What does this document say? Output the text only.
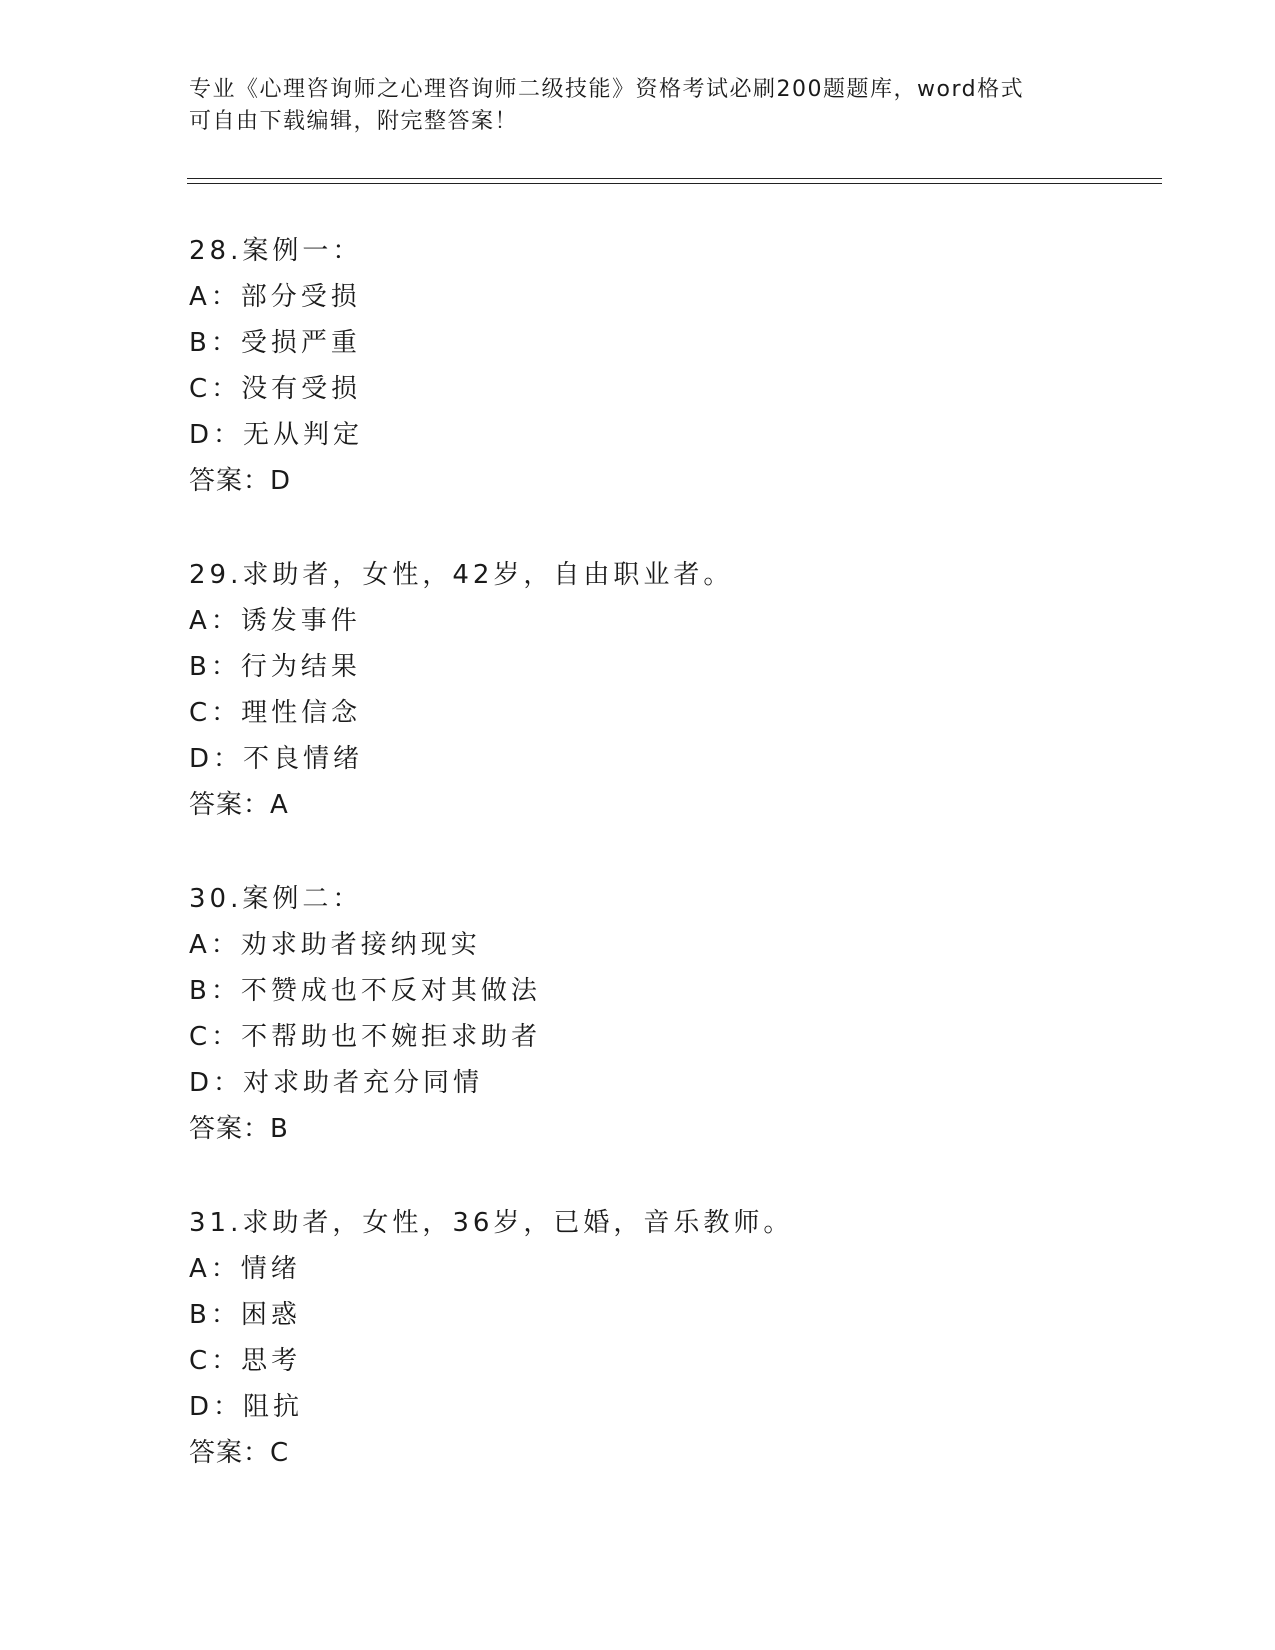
专业《心理咨询师之心理咨询师二级技能》资格考试必刷200题题库，word格式
可自由下载编辑，附完整答案！
28.案例一：
A：部分受损
B：受损严重
C：没有受损
D：无从判定
答案：D
29.求助者，女性，42岁，自由职业者。
A：诱发事件
B：行为结果
C：理性信念
D：不良情绪
答案：A
30.案例二：
A：劝求助者接纳现实
B：不赞成也不反对其做法
C：不帮助也不婉拒求助者
D：对求助者充分同情
答案：B
31.求助者，女性，36岁，已婚，音乐教师。
A：情绪
B：困惑
C：思考
D：阻抗
答案：C
